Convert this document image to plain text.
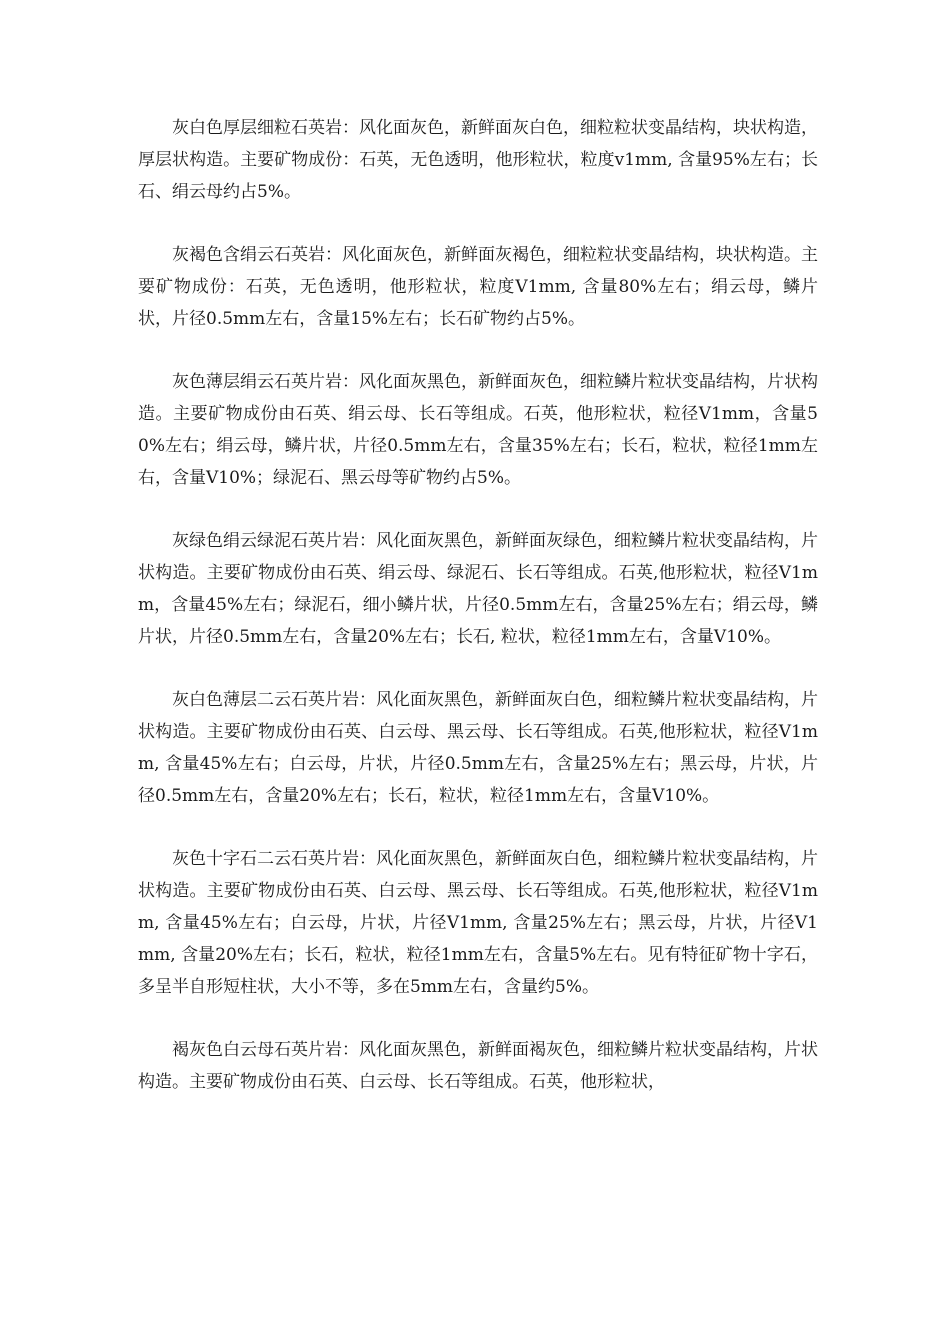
灰白色厚层细粒石英岩：风化面灰色，新鲜面灰白色，细粒粒状变晶结构，块状构造，厚层状构造。主要矿物成份：石英，无色透明，他形粒状，粒度v1mm, 含量95%左右；长石、绢云母约占5%。

灰褐色含绢云石英岩：风化面灰色，新鲜面灰褐色，细粒粒状变晶结构，块状构造。主要矿物成份：石英，无色透明，他形粒状，粒度V1mm, 含量80%左右；绢云母，鳞片状，片径0.5mm左右，含量15%左右；长石矿物约占5%。

灰色薄层绢云石英片岩：风化面灰黑色，新鲜面灰色，细粒鳞片粒状变晶结构，片状构造。主要矿物成份由石英、绢云母、长石等组成。石英，他形粒状，粒径V1mm，含量50%左右；绢云母，鳞片状，片径0.5mm左右，含量35%左右；长石，粒状，粒径1mm左右，含量V10%；绿泥石、黑云母等矿物约占5%。

灰绿色绢云绿泥石英片岩：风化面灰黑色，新鲜面灰绿色，细粒鳞片粒状变晶结构，片状构造。主要矿物成份由石英、绢云母、绿泥石、长石等组成。石英,他形粒状，粒径V1mm，含量45%左右；绿泥石，细小鳞片状，片径0.5mm左右，含量25%左右；绢云母，鳞片状，片径0.5mm左右，含量20%左右；长石, 粒状，粒径1mm左右，含量V10%。

灰白色薄层二云石英片岩：风化面灰黑色，新鲜面灰白色，细粒鳞片粒状变晶结构，片状构造。主要矿物成份由石英、白云母、黑云母、长石等组成。石英,他形粒状，粒径V1mm, 含量45%左右；白云母，片状，片径0.5mm左右，含量25%左右；黑云母，片状，片径0.5mm左右，含量20%左右；长石，粒状，粒径1mm左右，含量V10%。

灰色十字石二云石英片岩：风化面灰黑色，新鲜面灰白色，细粒鳞片粒状变晶结构，片状构造。主要矿物成份由石英、白云母、黑云母、长石等组成。石英,他形粒状，粒径V1mm, 含量45%左右；白云母，片状，片径V1mm, 含量25%左右；黑云母，片状，片径V1mm, 含量20%左右；长石，粒状，粒径1mm左右，含量5%左右。见有特征矿物十字石，多呈半自形短柱状，大小不等，多在5mm左右，含量约5%。

褐灰色白云母石英片岩：风化面灰黑色，新鲜面褐灰色，细粒鳞片粒状变晶结构，片状构造。主要矿物成份由石英、白云母、长石等组成。石英，他形粒状，
